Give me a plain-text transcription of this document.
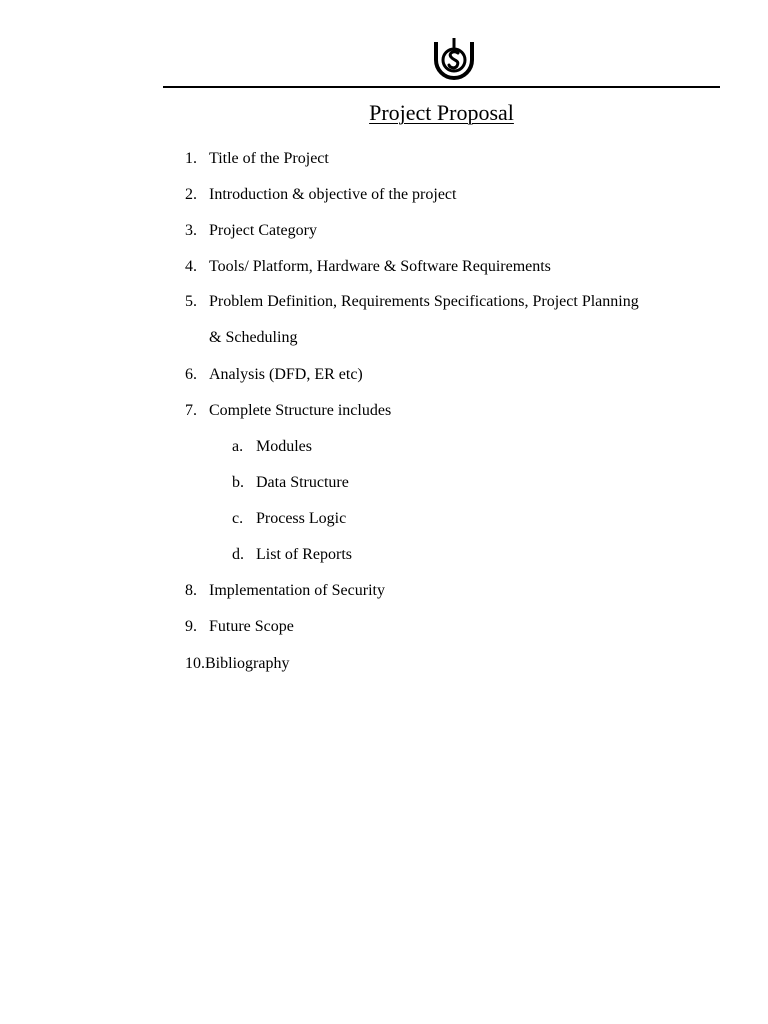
Project Proposal
1. Title of the Project
2. Introduction & objective of the project
3. Project Category
4. Tools/ Platform, Hardware & Software Requirements
5. Problem Definition, Requirements Specifications, Project Planning
& Scheduling
6. Analysis (DFD, ER etc)
7. Complete Structure includes
a. Modules
b. Data Structure
c. Process Logic
d. List of Reports
8. Implementation of Security
9. Future Scope
10.Bibliography
